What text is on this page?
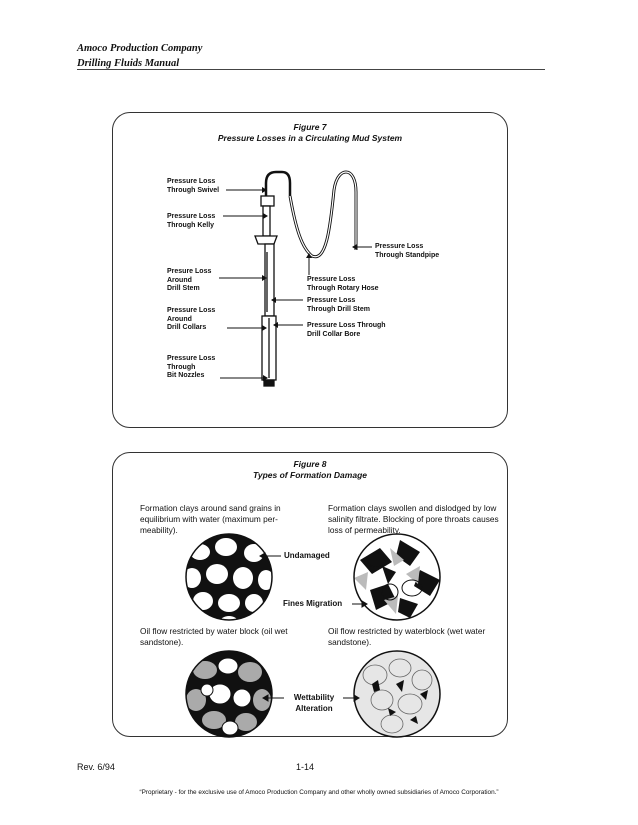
Amoco Production Company
Drilling Fluids Manual
Figure 7
Pressure Losses in a Circulating Mud System
Pressure Loss
Through Swivel
Pressure Loss
Through Kelly
Presure Loss
Around
Drill Stem
Pressure Loss
Around
Drill Collars
Pressure Loss
Through
Bit Nozzles
Pressure Loss
Through Standpipe
Pressure Loss
Through Rotary Hose
Pressure Loss
Through Drill Stem
Pressure Loss Through
Drill Collar Bore
Figure 8
Types of Formation Damage
Formation clays around sand grains in equilibrium with water (maximum per-meability).
Formation clays swollen and dislodged by low salinity filtrate. Blocking of pore throats causes loss of permeability.
Oil flow restricted by water block (oil wet sandstone).
Oil flow restricted by waterblock (wet water sandstone).
Undamaged
Fines Migration
Wettability
Alteration
Rev. 6/94	1-14
“Proprietary - for the exclusive use of Amoco Production Company and other wholly owned subsidiaries of Amoco Corporation.”
